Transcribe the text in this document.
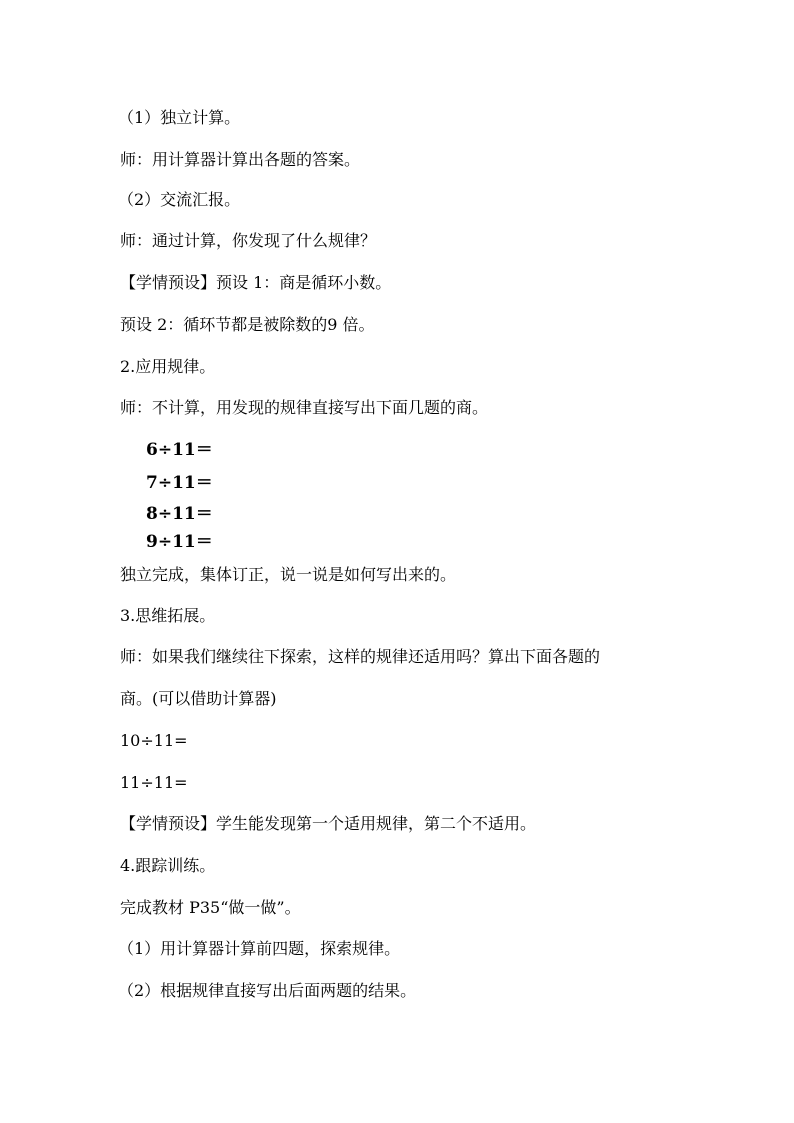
（1）独立计算。

师：用计算器计算出各题的答案。

（2）交流汇报。

师：通过计算，你发现了什么规律？

【学情预设】预设 1：商是循环小数。

预设 2：循环节都是被除数的9 倍。

2.应用规律。

师：不计算，用发现的规律直接写出下面几题的商。

6÷11＝

7÷11＝

8÷11＝

9÷11＝

独立完成，集体订正，说一说是如何写出来的。

3.思维拓展。

师：如果我们继续往下探索，这样的规律还适用吗？算出下面各题的

商。(可以借助计算器)

10÷11=

11÷11=

【学情预设】学生能发现第一个适用规律，第二个不适用。

4.跟踪训练。

完成教材 P35“做一做”。

（1）用计算器计算前四题，探索规律。

（2）根据规律直接写出后面两题的结果。
